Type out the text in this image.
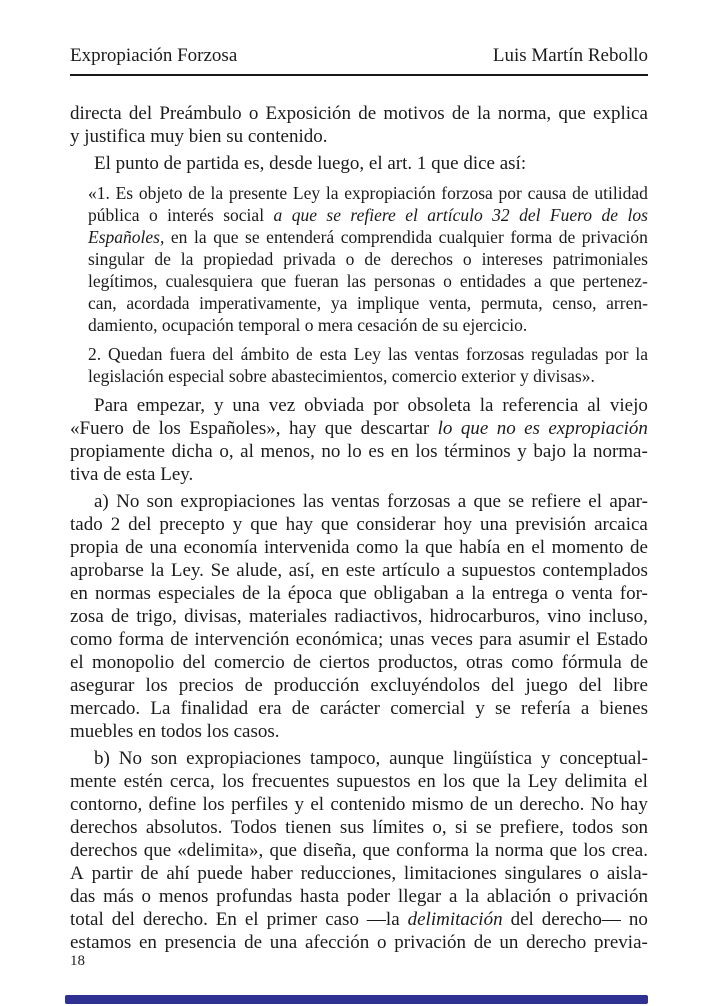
Expropiación Forzosa	Luis Martín Rebollo
directa del Preámbulo o Exposición de motivos de la norma, que explica
y justifica muy bien su contenido.
El punto de partida es, desde luego, el art. 1 que dice así:
«1. Es objeto de la presente Ley la expropiación forzosa por causa de utilidad
pública o interés social a que se refiere el artículo 32 del Fuero de los
Españoles, en la que se entenderá comprendida cualquier forma de privación
singular de la propiedad privada o de derechos o intereses patrimoniales
legítimos, cualesquiera que fueran las personas o entidades a que pertenez-
can, acordada imperativamente, ya implique venta, permuta, censo, arren-
damiento, ocupación temporal o mera cesación de su ejercicio.
2. Quedan fuera del ámbito de esta Ley las ventas forzosas reguladas por la
legislación especial sobre abastecimientos, comercio exterior y divisas».
Para empezar, y una vez obviada por obsoleta la referencia al viejo
«Fuero de los Españoles», hay que descartar lo que no es expropiación
propiamente dicha o, al menos, no lo es en los términos y bajo la norma-
tiva de esta Ley.
a) No son expropiaciones las ventas forzosas a que se refiere el apar-
tado 2 del precepto y que hay que considerar hoy una previsión arcaica
propia de una economía intervenida como la que había en el momento de
aprobarse la Ley. Se alude, así, en este artículo a supuestos contemplados
en normas especiales de la época que obligaban a la entrega o venta for-
zosa de trigo, divisas, materiales radiactivos, hidrocarburos, vino incluso,
como forma de intervención económica; unas veces para asumir el Estado
el monopolio del comercio de ciertos productos, otras como fórmula de
asegurar los precios de producción excluyéndolos del juego del libre
mercado. La finalidad era de carácter comercial y se refería a bienes
muebles en todos los casos.
b) No son expropiaciones tampoco, aunque lingüística y conceptual-
mente estén cerca, los frecuentes supuestos en los que la Ley delimita el
contorno, define los perfiles y el contenido mismo de un derecho. No hay
derechos absolutos. Todos tienen sus límites o, si se prefiere, todos son
derechos que «delimita», que diseña, que conforma la norma que los crea.
A partir de ahí puede haber reducciones, limitaciones singulares o aisla-
das más o menos profundas hasta poder llegar a la ablación o privación
total del derecho. En el primer caso —la delimitación del derecho— no
estamos en presencia de una afección o privación de un derecho previa-
18
